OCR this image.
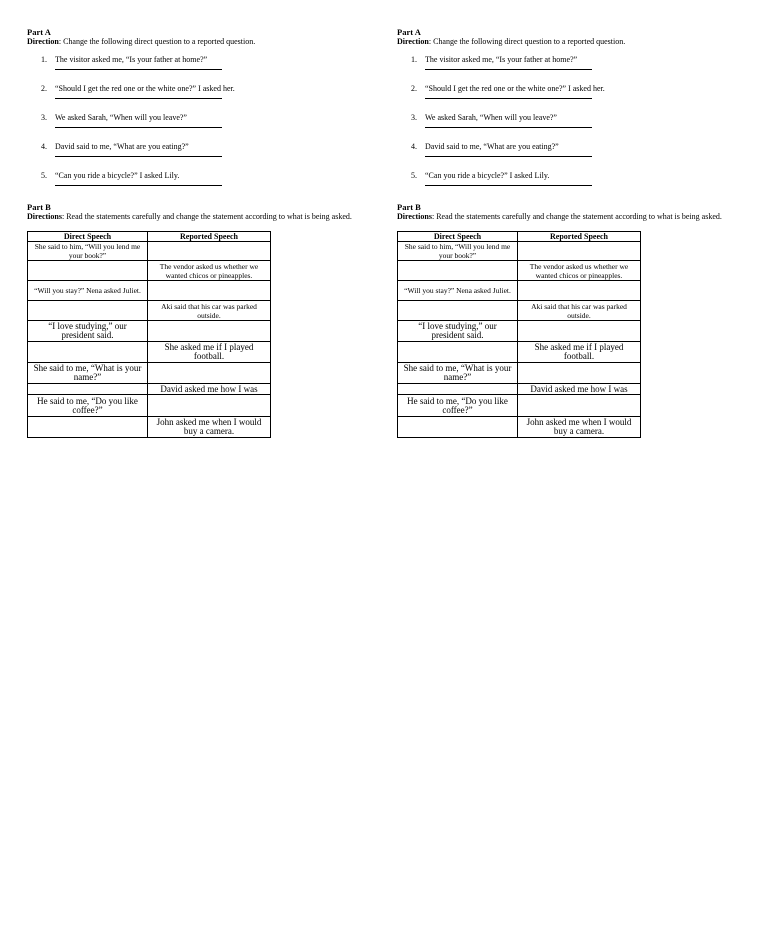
Part A
Direction: Change the following direct question to a reported question.
1. The visitor asked me, “Is your father at home?”
2. “Should I get the red one or the white one?” I asked her.
3. We asked Sarah, “When will you leave?”
4. David said to me, “What are you eating?”
5. “Can you ride a bicycle?” I asked Lily.
Part B
Directions: Read the statements carefully and change the statement according to what is being asked.
Direct Speech	Reported Speech
She said to him, “Will you lend me your book?”	
	The vendor asked us whether we wanted chicos or pineapples.
“Will you stay?” Nena asked Juliet.	
	Aki said that his car was parked outside.
“I love studying,” our president said.	
	She asked me if I played football.
She said to me, “What is your name?”	
	David asked me how I was
He said to me, “Do you like coffee?”	
	John asked me when I would buy a camera.
Part A
Direction: Change the following direct question to a reported question.
1. The visitor asked me, “Is your father at home?”
2. “Should I get the red one or the white one?” I asked her.
3. We asked Sarah, “When will you leave?”
4. David said to me, “What are you eating?”
5. “Can you ride a bicycle?” I asked Lily.
Part B
Directions: Read the statements carefully and change the statement according to what is being asked.
Direct Speech	Reported Speech
She said to him, “Will you lend me your book?”	
	The vendor asked us whether we wanted chicos or pineapples.
“Will you stay?” Nena asked Juliet.	
	Aki said that his car was parked outside.
“I love studying,” our president said.	
	She asked me if I played football.
She said to me, “What is your name?”	
	David asked me how I was
He said to me, “Do you like coffee?”	
	John asked me when I would buy a camera.
